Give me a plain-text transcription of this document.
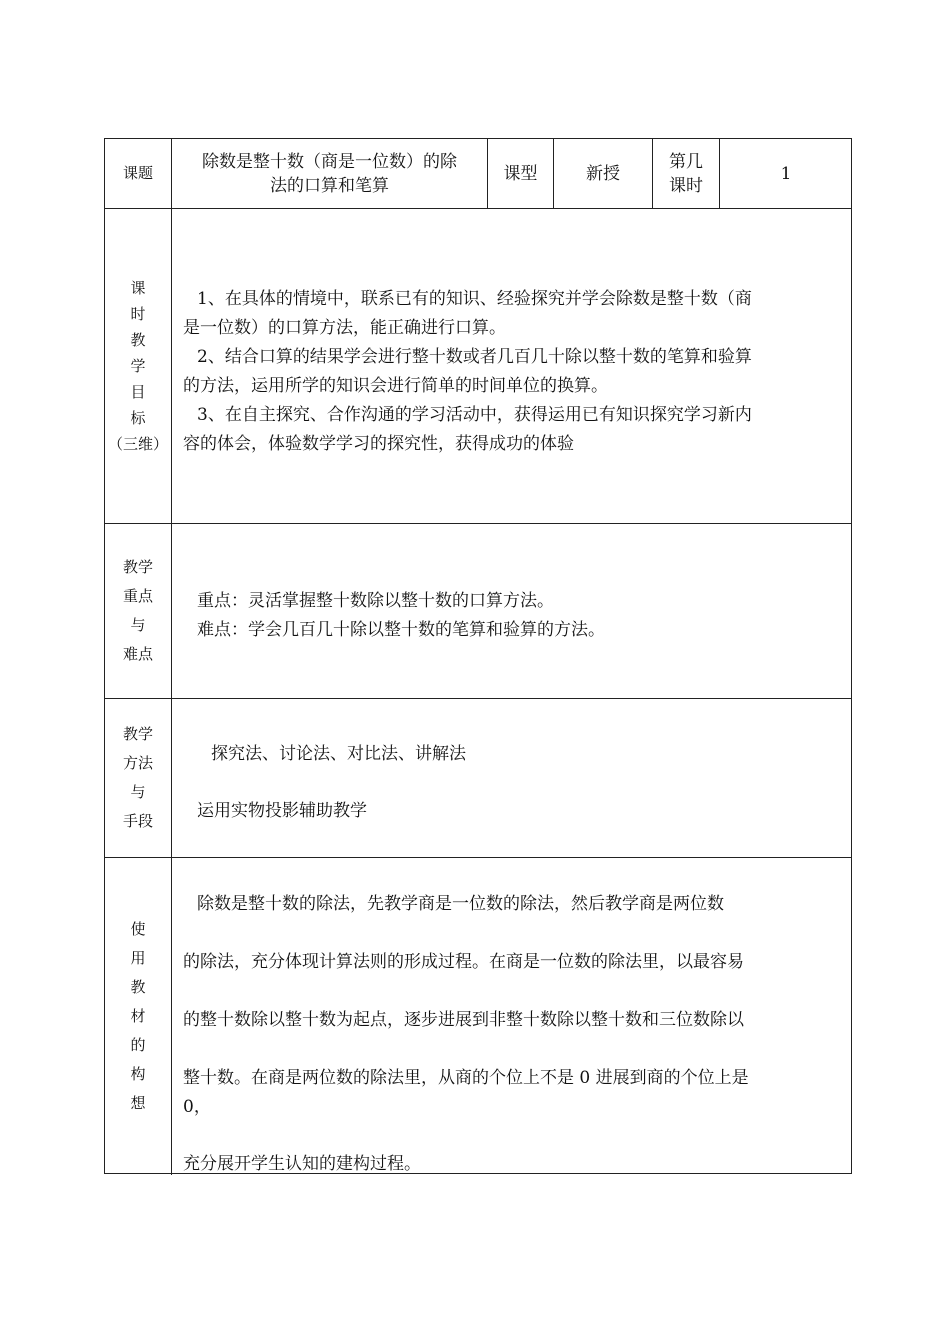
课题
除数是整十数（商是一位数）的除
法的口算和笔算
课型	新授
第几
课时
1
课
时
教
学
目
标
（三维）
1、在具体的情境中，联系已有的知识、经验探究并学会除数是整十数（商
是一位数）的口算方法，能正确进行口算。
2、结合口算的结果学会进行整十数或者几百几十除以整十数的笔算和验算
的方法，运用所学的知识会进行简单的时间单位的换算。
3、在自主探究、合作沟通的学习活动中，获得运用已有知识探究学习新内
容的体会，体验数学学习的探究性，获得成功的体验
教学
重点
与
难点
重点：灵活掌握整十数除以整十数的口算方法。
难点：学会几百几十除以整十数的笔算和验算的方法。
教学
方法
与
手段
探究法、讨论法、对比法、讲解法
运用实物投影辅助教学
使
用
教
材
的
构
想
除数是整十数的除法，先教学商是一位数的除法，然后教学商是两位数
的除法，充分体现计算法则的形成过程。在商是一位数的除法里，以最容易
的整十数除以整十数为起点，逐步进展到非整十数除以整十数和三位数除以
整十数。在商是两位数的除法里，从商的个位上不是 0 进展到商的个位上是
0，
充分展开学生认知的建构过程。
